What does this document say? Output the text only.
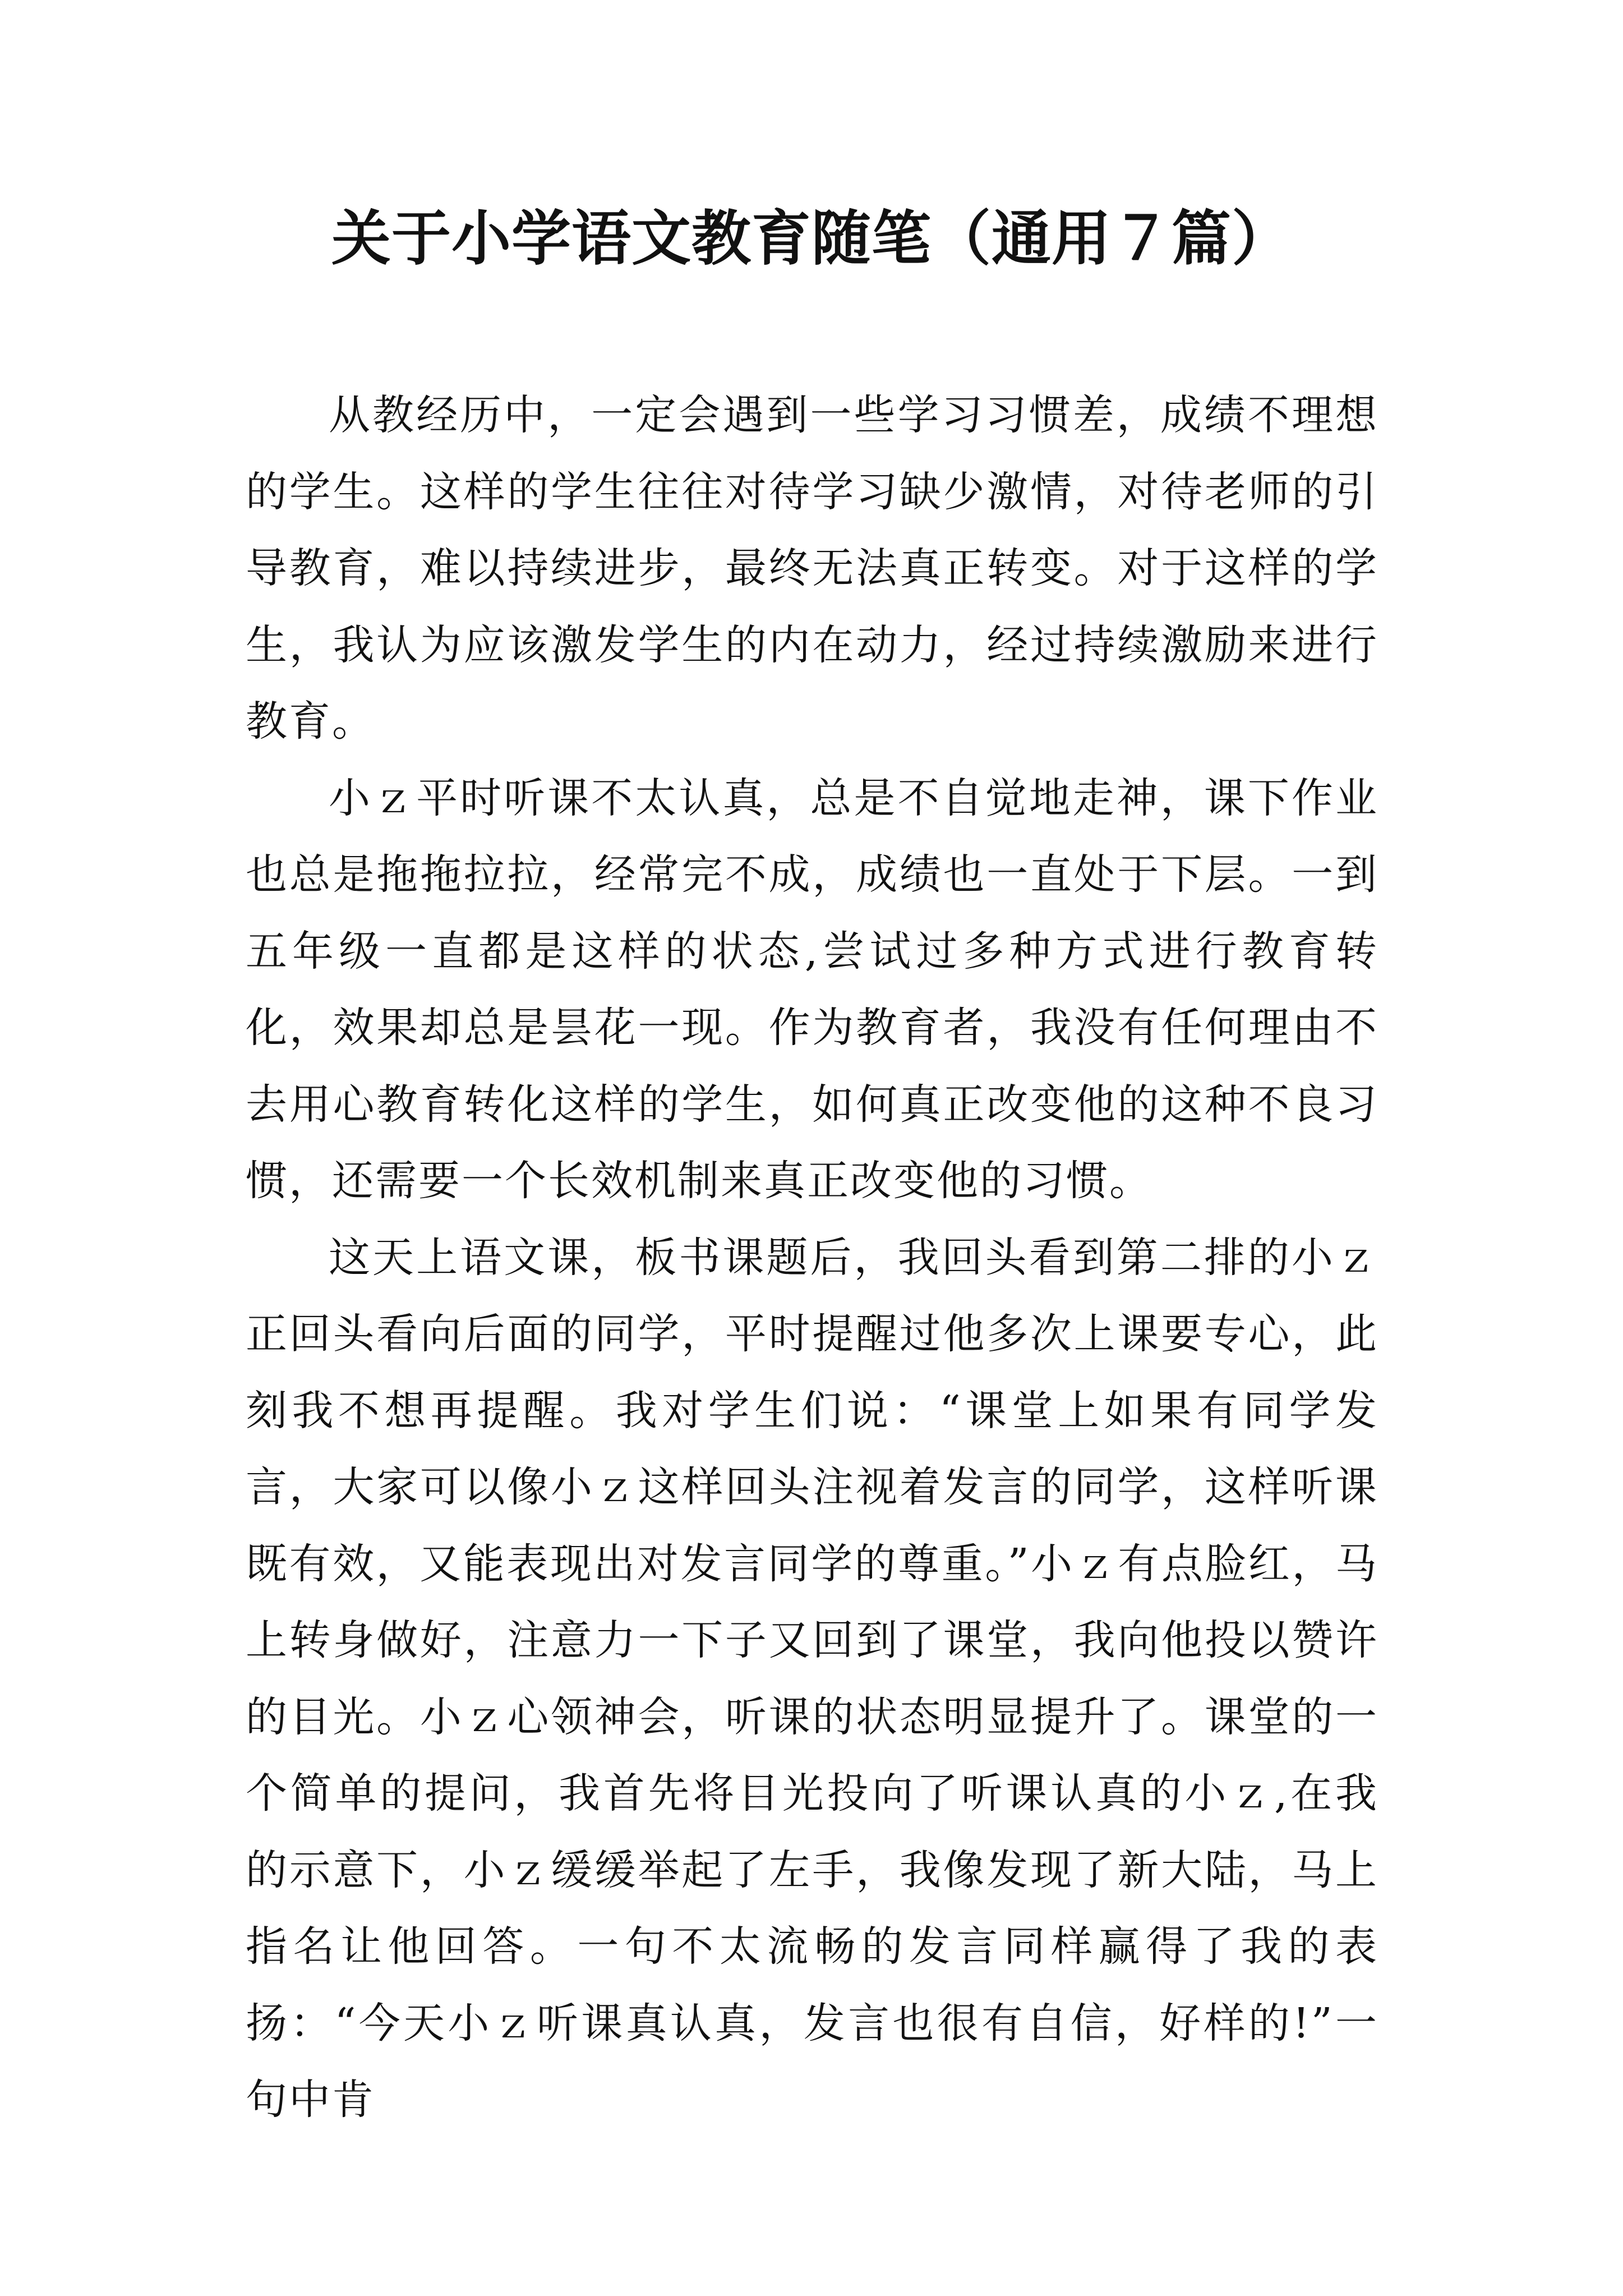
关于小学语文教育随笔（通用７篇）

从教经历中，一定会遇到一些学习习惯差，成绩不理想的学生。这样的学生往往对待学习缺少激情，对待老师的引导教育，难以持续进步，最终无法真正转变。对于这样的学生，我认为应该激发学生的内在动力，经过持续激励来进行教育。

小ｚ平时听课不太认真，总是不自觉地走神，课下作业也总是拖拖拉拉，经常完不成，成绩也一直处于下层。一到五年级一直都是这样的状态,尝试过多种方式进行教育转化，效果却总是昙花一现。作为教育者，我没有任何理由不去用心教育转化这样的学生，如何真正改变他的这种不良习惯，还需要一个长效机制来真正改变他的习惯。

这天上语文课，板书课题后，我回头看到第二排的小ｚ正回头看向后面的同学，平时提醒过他多次上课要专心，此刻我不想再提醒。我对学生们说：“课堂上如果有同学发言，大家可以像小ｚ这样回头注视着发言的同学，这样听课既有效，又能表现出对发言同学的尊重。”小ｚ有点脸红，马上转身做好，注意力一下子又回到了课堂，我向他投以赞许的目光。小ｚ心领神会，听课的状态明显提升了。课堂的一个简单的提问，我首先将目光投向了听课认真的小ｚ,在我的示意下，小ｚ缓缓举起了左手，我像发现了新大陆，马上指名让他回答。一句不太流畅的发言同样赢得了我的表扬：“今天小ｚ听课真认真，发言也很有自信，好样的!”一句中肯
